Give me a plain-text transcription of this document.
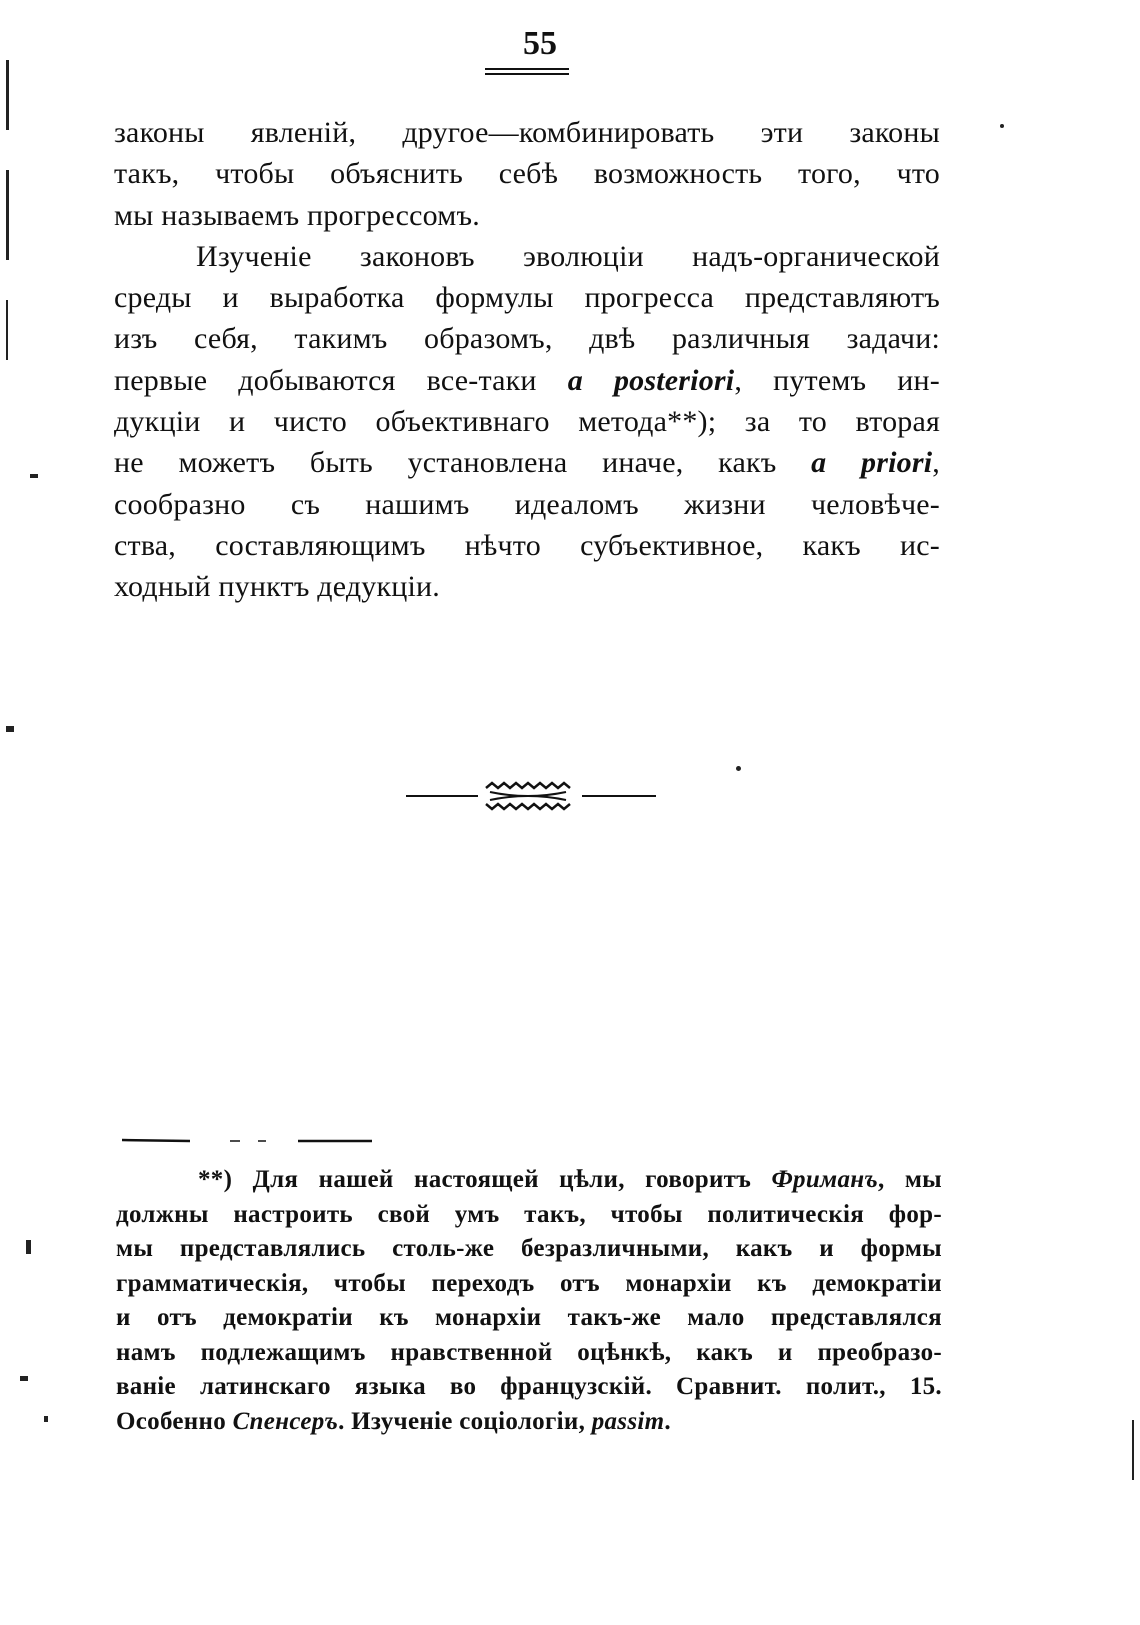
55

законы явленій, другое—комбинировать эти законы
такъ, чтобы объяснить себѣ возможность того, что
мы называемъ прогрессомъ.

Изученіе законовъ эволюціи надъ-органической
среды и выработка формулы прогресса представляютъ
изъ себя, такимъ образомъ, двѣ различныя задачи:
первые добываются все-таки a posteriori, путемъ ин-
дукціи и чисто объективнаго метода**); за то вторая
не можетъ быть установлена иначе, какъ a priori,
сообразно съ нашимъ идеаломъ жизни человѣче-
ства, составляющимъ нѣчто субъективное, какъ ис-
ходный пунктъ дедукціи.

**) Для нашей настоящей цѣли, говоритъ Фриманъ, мы
должны настроить свой умъ такъ, чтобы политическія фор-
мы представлялись столь-же безразличными, какъ и формы
грамматическія, чтобы переходъ отъ монархіи къ демократіи
и отъ демократіи къ монархіи такъ-же мало представлялся
намъ подлежащимъ нравственной оцѣнкѣ, какъ и преобразо-
ваніе латинскаго языка во французскій. Сравнит. полит., 15.
Особенно Спенсеръ. Изученіе соціологіи, passim.
